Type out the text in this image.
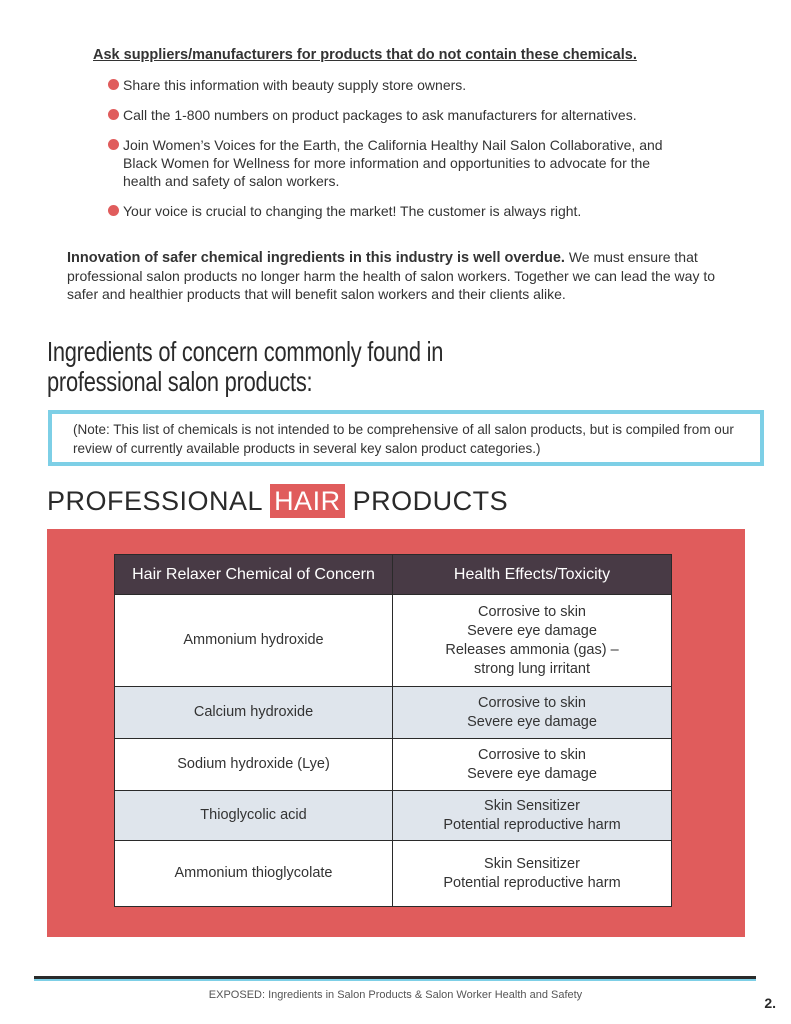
Ask suppliers/manufacturers for products that do not contain these chemicals.
Share this information with beauty supply store owners.
Call the 1-800 numbers on product packages to ask manufacturers for alternatives.
Join Women’s Voices for the Earth, the California Healthy Nail Salon Collaborative, and Black Women for Wellness for more information and opportunities to advocate for the health and safety of salon workers.
Your voice is crucial to changing the market! The customer is always right.
Innovation of safer chemical ingredients in this industry is well overdue. We must ensure that professional salon products no longer harm the health of salon workers. Together we can lead the way to safer and healthier products that will benefit salon workers and their clients alike.
Ingredients of concern commonly found in
professional salon products:
(Note: This list of chemicals is not intended to be comprehensive of all salon products, but is compiled from our review of currently available products in several key salon product categories.)
PROFESSIONAL HAIR PRODUCTS
Hair Relaxer Chemical of Concern	Health Effects/Toxicity
Ammonium hydroxide	Corrosive to skin
Severe eye damage
Releases ammonia (gas) –
strong lung irritant

Calcium hydroxide	Corrosive to skin
Severe eye damage

Sodium hydroxide (Lye)	Corrosive to skin
Severe eye damage

Thioglycolic acid	Skin Sensitizer
Potential reproductive harm

Ammonium thioglycolate	Skin Sensitizer
Potential reproductive harm
EXPOSED: Ingredients in Salon Products & Salon Worker Health and Safety	2.
